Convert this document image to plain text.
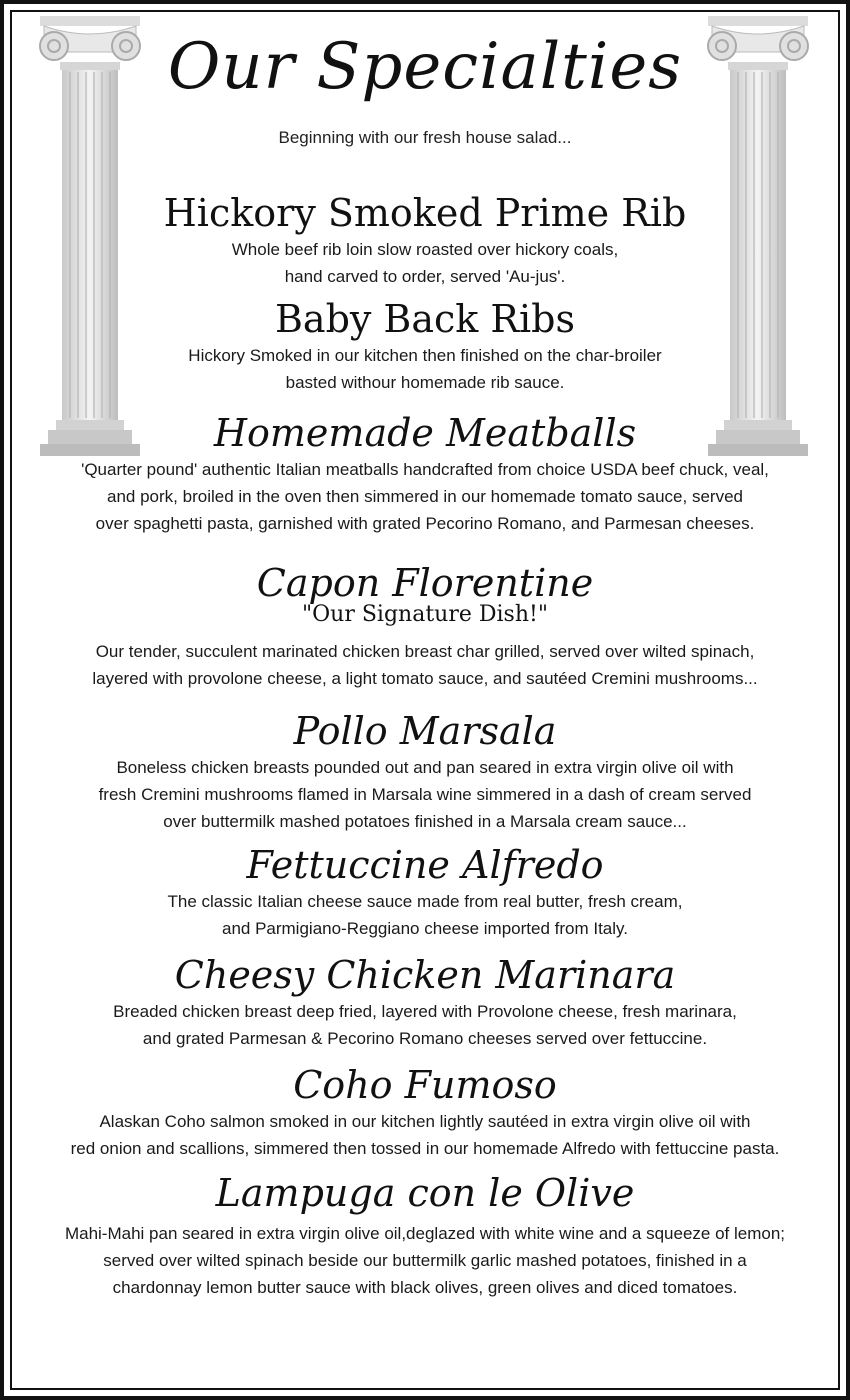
Our Specialties
Beginning with our fresh house salad...
Hickory Smoked Prime Rib
Whole beef rib loin slow roasted over hickory coals,
hand carved to order, served 'Au-jus'.
Baby Back Ribs
Hickory Smoked in our kitchen then finished on the char-broiler
basted withour homemade rib sauce.
Homemade Meatballs
'Quarter pound' authentic Italian meatballs handcrafted from choice USDA beef chuck, veal,
and pork, broiled in the oven then simmered in our homemade tomato sauce, served
over spaghetti pasta, garnished with grated Pecorino Romano, and Parmesan cheeses.
Capon Florentine
"Our Signature Dish!"
Our tender, succulent marinated chicken breast char grilled, served over wilted spinach,
layered with provolone cheese, a light tomato sauce, and sautéed Cremini mushrooms...
Pollo Marsala
Boneless chicken breasts pounded out and pan seared in extra virgin olive oil with
fresh Cremini mushrooms flamed in Marsala wine simmered in a dash of cream served
over buttermilk mashed potatoes finished in a Marsala cream sauce...
Fettuccine Alfredo
The classic Italian cheese sauce made from real butter, fresh cream,
and Parmigiano-Reggiano cheese imported from Italy.
Cheesy Chicken Marinara
Breaded chicken breast deep fried, layered with Provolone cheese, fresh marinara,
and grated Parmesan & Pecorino Romano cheeses served over fettuccine.
Coho Fumoso
Alaskan Coho salmon smoked in our kitchen lightly sautéed in extra virgin olive oil with
red onion and scallions, simmered then tossed in our homemade Alfredo with fettuccine pasta.
Lampuga con le Olive
Mahi-Mahi pan seared in extra virgin olive oil,deglazed with white wine and a squeeze of lemon;
served over wilted spinach beside our buttermilk garlic mashed potatoes, finished in a
chardonnay lemon butter sauce with black olives, green olives and diced tomatoes.
